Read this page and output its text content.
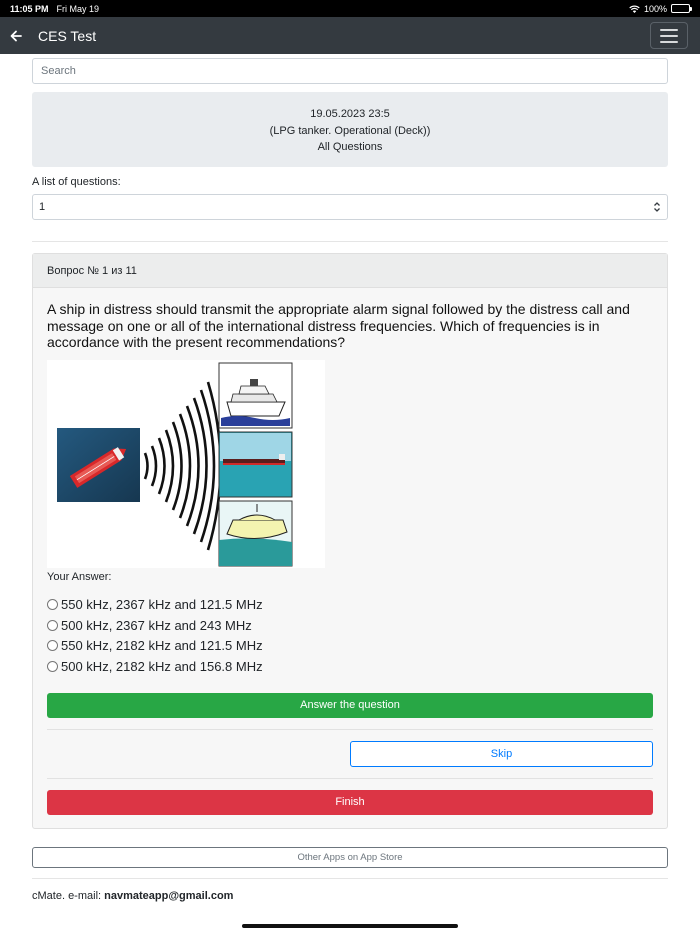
11:05 PM Fri May 19	100%
CES Test
Search
19.05.2023 23:5
(LPG tanker. Operational (Deck))
All Questions
A list of questions:
1
Вопрос № 1 из 11
A ship in distress should transmit the appropriate alarm signal followed by the distress call and message on one or all of the international distress frequencies. Which of frequencies is in accordance with the present recommendations?
Your Answer:
550 kHz, 2367 kHz and 121.5 MHz
500 kHz, 2367 kHz and 243 MHz
550 kHz, 2182 kHz and 121.5 MHz
500 kHz, 2182 kHz and 156.8 MHz
Answer the question
Skip
Finish
Other Apps on App Store
cMate. e-mail: navmateapp@gmail.com
